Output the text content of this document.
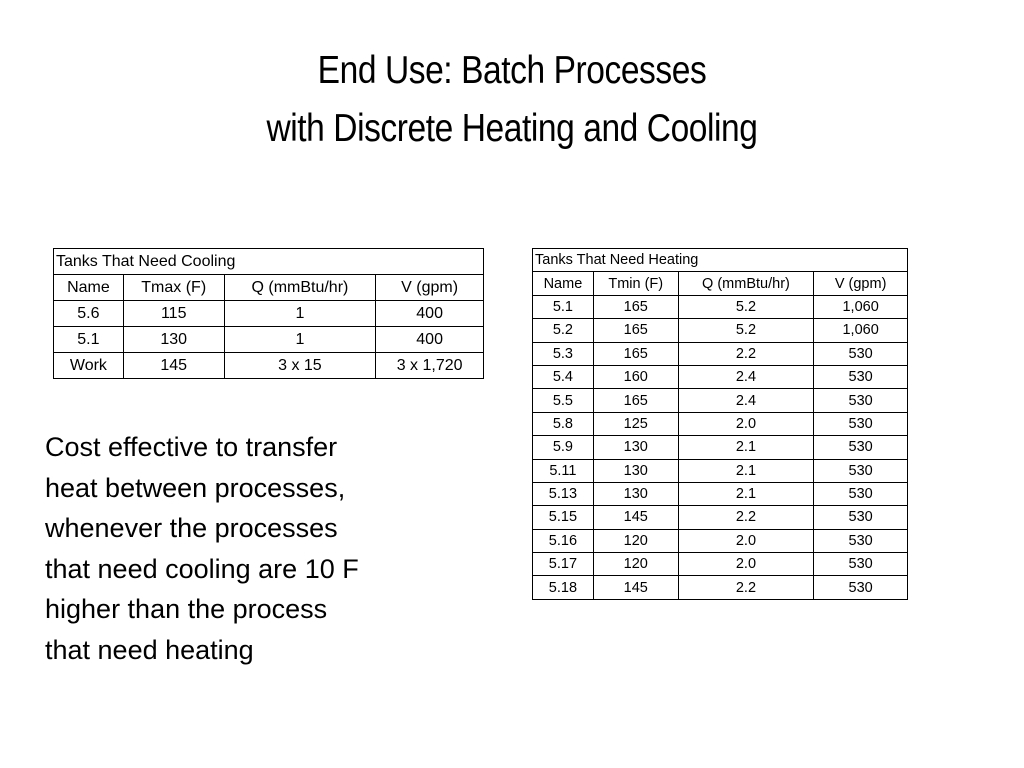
End Use: Batch Processes
with Discrete Heating and Cooling
Tanks That Need Cooling			
Name	Tmax (F)	Q (mmBtu/hr)	V (gpm)
5.6	115	1	400
5.1	130	1	400
Work	145	3 x 15	3 x 1,720
Tanks That Need Heating			
Name	Tmin (F)	Q (mmBtu/hr)	V (gpm)
5.1	165	5.2	1,060
5.2	165	5.2	1,060
5.3	165	2.2	530
5.4	160	2.4	530
5.5	165	2.4	530
5.8	125	2.0	530
5.9	130	2.1	530
5.11	130	2.1	530
5.13	130	2.1	530
5.15	145	2.2	530
5.16	120	2.0	530
5.17	120	2.0	530
5.18	145	2.2	530
Cost effective to transfer
heat between processes,
whenever the processes
that need cooling are 10 F
higher than the process
that need heating
